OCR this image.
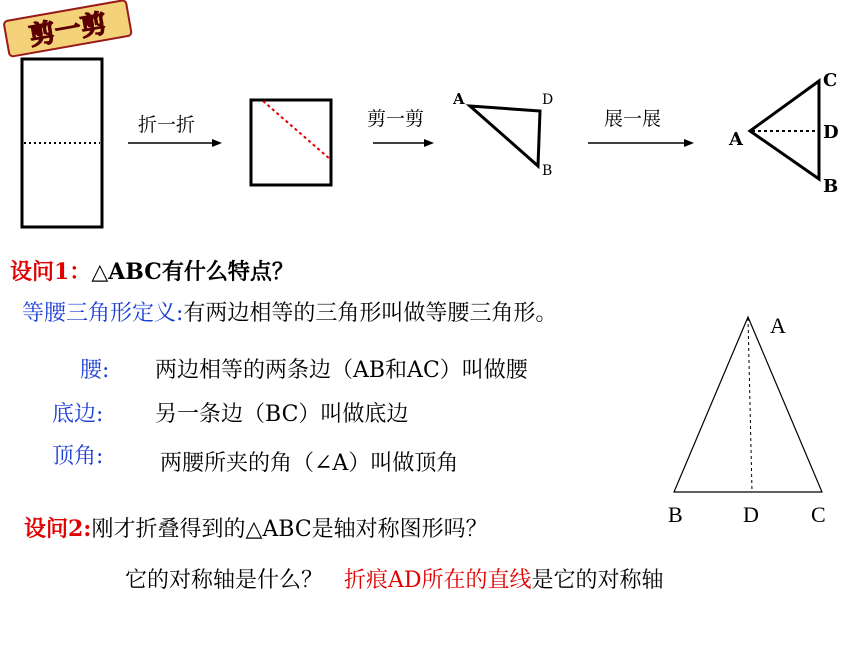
剪一剪
折一折	剪一剪	展一展
A	D
B
A
C
D
B
设问1：△ABC有什么特点？
等腰三角形定义:有两边相等的三角形叫做等腰三角形。
腰: 两边相等的两条边（AB和AC）叫做腰
底边: 另一条边（BC）叫做底边
顶角:	两腰所夹的角（∠A）叫做顶角
A
B	D C
设问2:刚才折叠得到的△ABC是轴对称图形吗？
它的对称轴是什么？ 折痕AD所在的直线是它的对称轴
